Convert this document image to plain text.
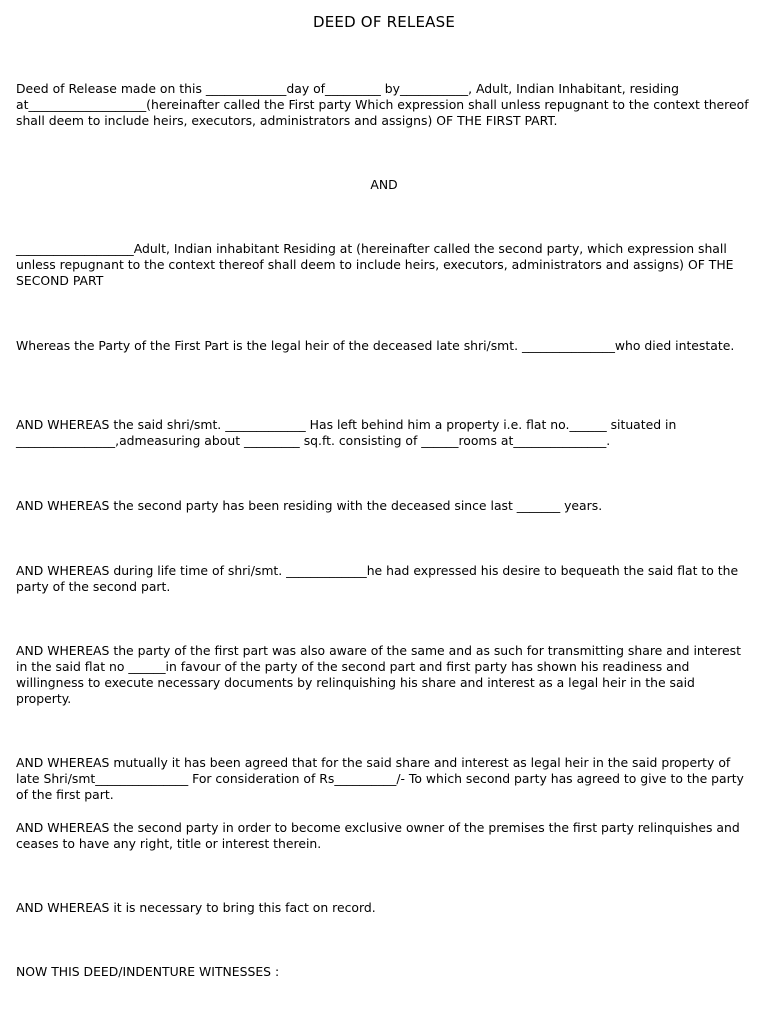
DEED OF RELEASE

Deed of Release made on this _____________day of_________ by___________, Adult, Indian Inhabitant, residing at___________________(hereinafter called the First party Which expression shall unless repugnant to the context thereof shall deem to include heirs, executors, administrators and assigns) OF THE FIRST PART.

AND

___________________Adult, Indian inhabitant Residing at (hereinafter called the second party, which expression shall unless repugnant to the context thereof shall deem to include heirs, executors, administrators and assigns) OF THE SECOND PART

Whereas the Party of the First Part is the legal heir of the deceased late shri/smt. _______________who died intestate.

AND WHEREAS the said shri/smt. _____________ Has left behind him a property i.e. flat no.______ situated in ________________,admeasuring about _________ sq.ft. consisting of ______rooms at_______________.

AND WHEREAS the second party has been residing with the deceased since last _______ years.

AND WHEREAS during life time of shri/smt. _____________he had expressed his desire to bequeath the said flat to the party of the second part.

AND WHEREAS the party of the first part was also aware of the same and as such for transmitting share and interest in the said flat no ______in favour of the party of the second part and first party has shown his readiness and willingness to execute necessary documents by relinquishing his share and interest as a legal heir in the said property.

AND WHEREAS mutually it has been agreed that for the said share and interest as legal heir in the said property of late Shri/smt_______________ For consideration of Rs__________/- To which second party has agreed to give to the party of the first part.

AND WHEREAS the second party in order to become exclusive owner of the premises the first party relinquishes and ceases to have any right, title or interest therein.

AND WHEREAS it is necessary to bring this fact on record.

NOW THIS DEED/INDENTURE WITNESSES :
